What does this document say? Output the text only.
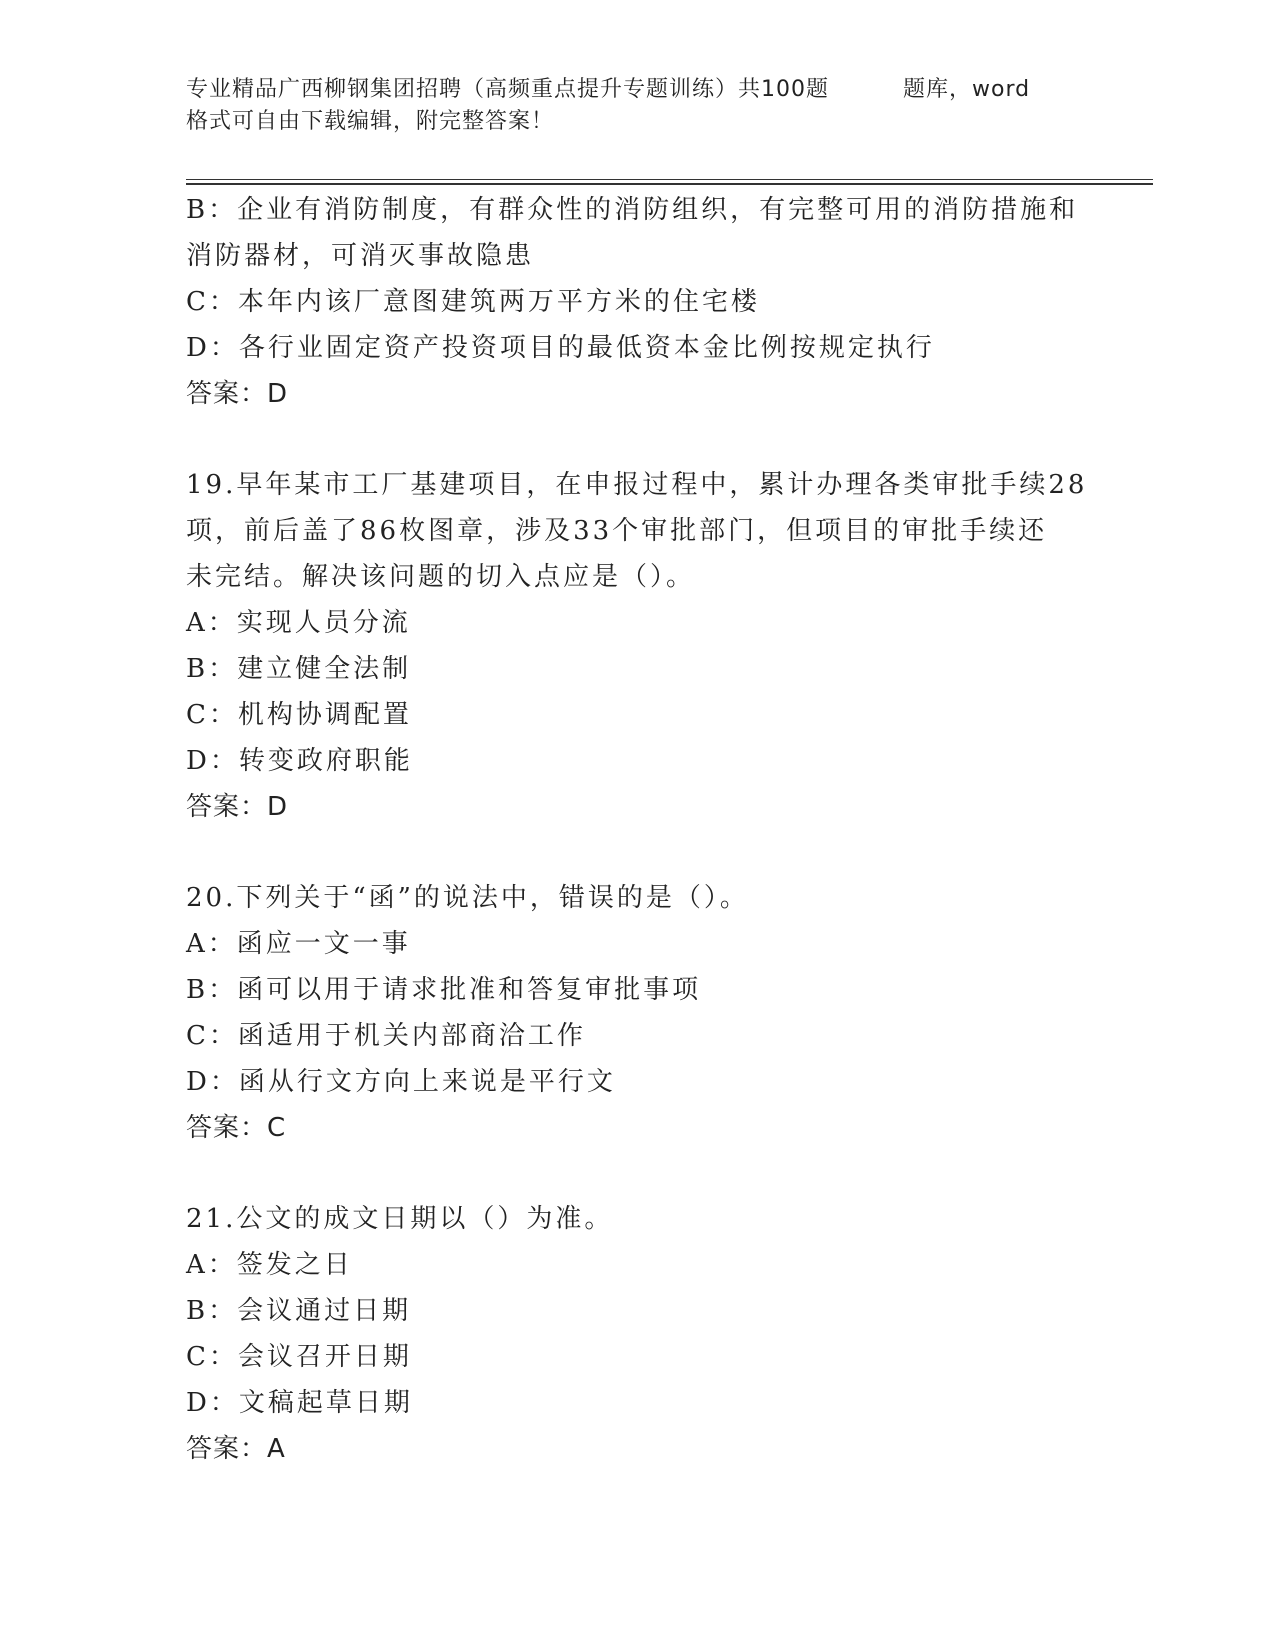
专业精品广西柳钢集团招聘（高频重点提升专题训练）共100题	题库，word
格式可自由下载编辑，附完整答案！
B：企业有消防制度，有群众性的消防组织，有完整可用的消防措施和
消防器材，可消灭事故隐患
C：本年内该厂意图建筑两万平方米的住宅楼
D：各行业固定资产投资项目的最低资本金比例按规定执行
答案：D
19.早年某市工厂基建项目，在申报过程中，累计办理各类审批手续28
项，前后盖了86枚图章，涉及33个审批部门，但项目的审批手续还
未完结。解决该问题的切入点应是（）。
A：实现人员分流
B：建立健全法制
C：机构协调配置
D：转变政府职能
答案：D
20.下列关于“函”的说法中，错误的是（）。
A：函应一文一事
B：函可以用于请求批准和答复审批事项
C：函适用于机关内部商洽工作
D：函从行文方向上来说是平行文
答案：C
21.公文的成文日期以（）为准。
A：签发之日
B：会议通过日期
C：会议召开日期
D：文稿起草日期
答案：A
